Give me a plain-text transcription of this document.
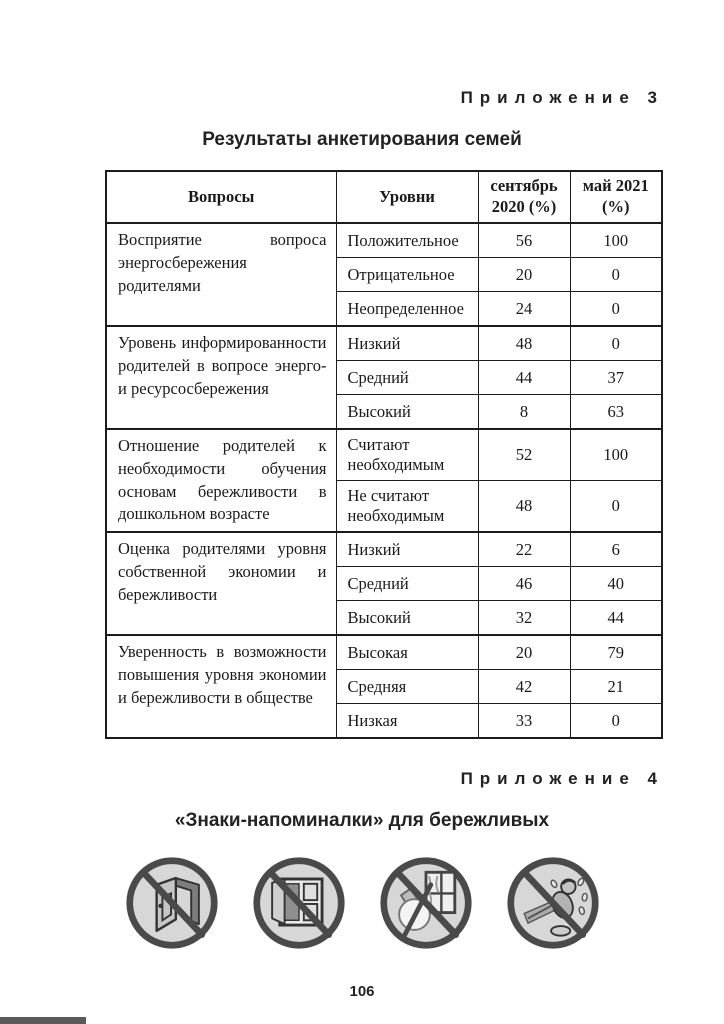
Приложение 3
Результаты анкетирования семей
Вопросы	Уровни	сентябрь 2020 (%)	май 2021 (%)
Восприятие вопроса энергосбережения родителями	Положительное	56	100
	Отрицательное	20	0
	Неопределенное	24	0
Уровень информированности родителей в вопросе энерго- и ресурсосбережения	Низкий	48	0
	Средний	44	37
	Высокий	8	63
Отношение родителей к необходимости обучения основам бережливости в дошкольном возрасте	Считают необходимым	52	100
	Не считают необходимым	48	0
Оценка родителями уровня собственной экономии и бережливости	Низкий	22	6
	Средний	46	40
	Высокий	32	44
Уверенность в возможности повышения уровня экономии и бережливости в обществе	Высокая	20	79
	Средняя	42	21
	Низкая	33	0
Приложение 4
«Знаки-напоминалки» для бережливых
106
